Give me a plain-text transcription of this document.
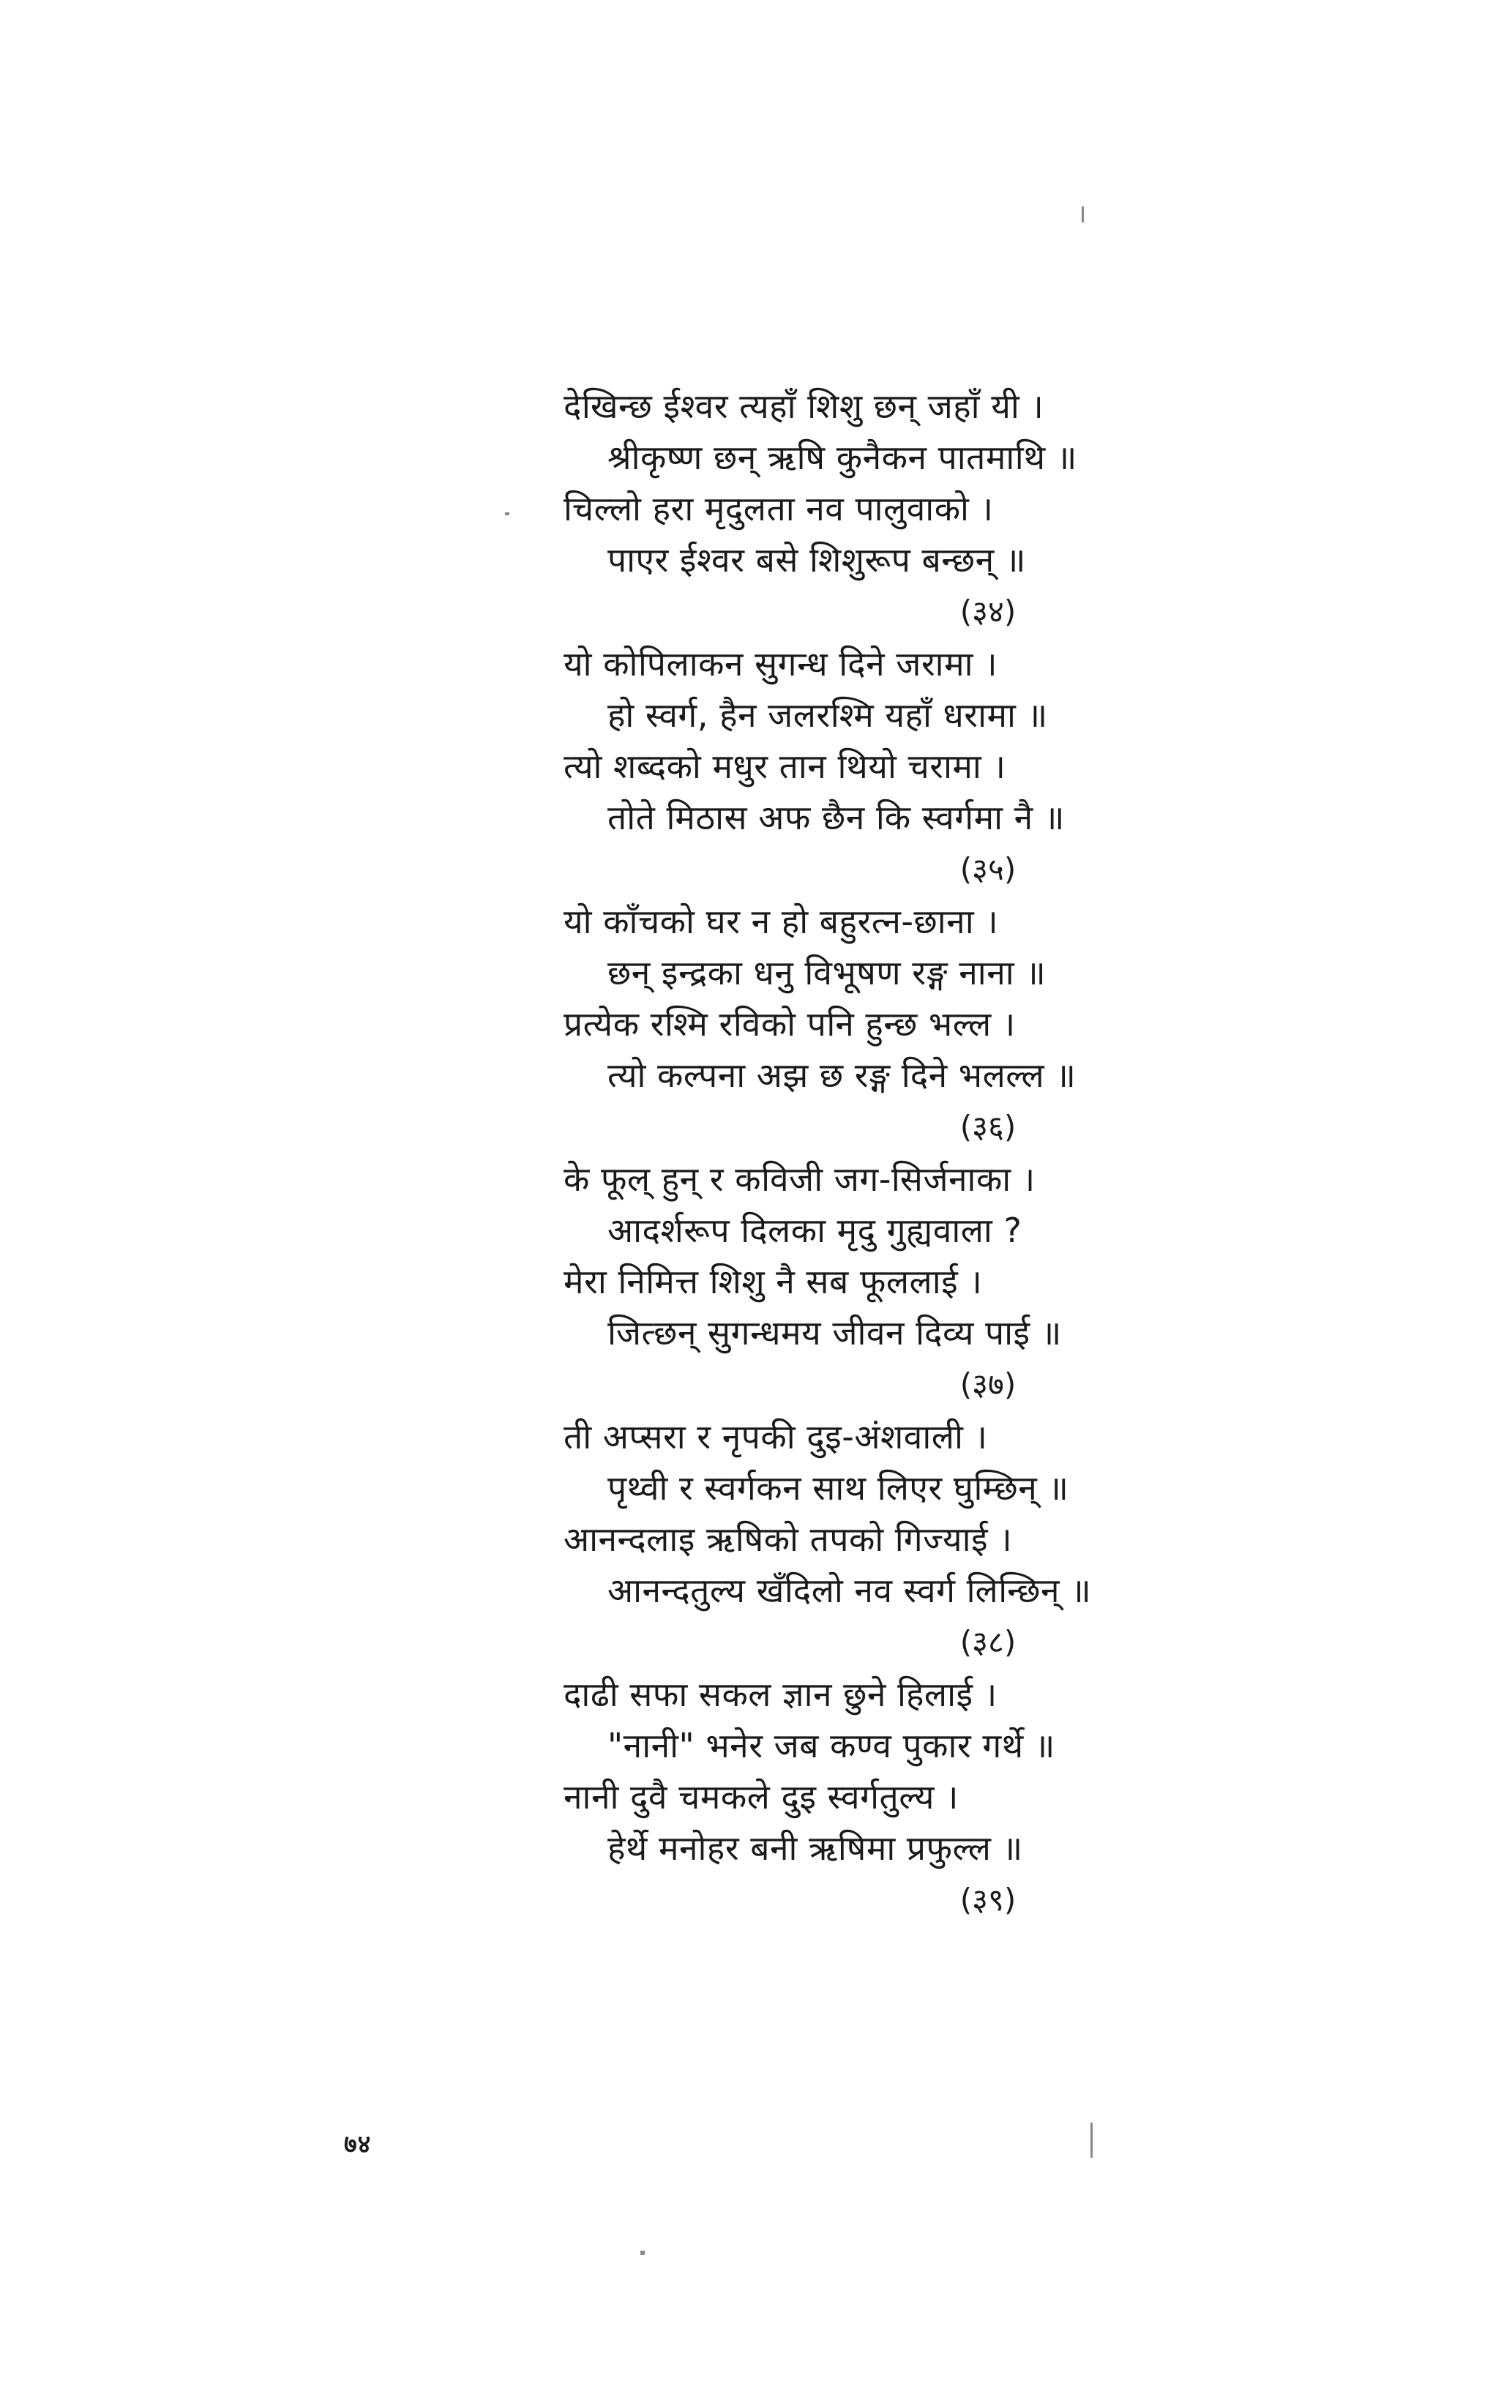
देखिन्छ ईश्वर त्यहाँ शिशु छन् जहाँ यी ।
श्रीकृष्ण छन् ऋषि कुनैकन पातमाथि ॥
चिल्लो हरा मृदुलता नव पालुवाको ।
पाएर ईश्वर बसे शिशुरूप बन्छन् ॥
(३४)
यो कोपिलाकन सुगन्ध दिने जरामा ।
हो स्वर्ग, हैन जलरश्मि यहाँ धरामा ॥
त्यो शब्दको मधुर तान थियो चरामा ।
तोते मिठास अफ छैन कि स्वर्गमा नै ॥
(३५)
यो काँचको घर न हो बहुरत्न-छाना ।
छन् इन्द्रका धनु विभूषण रङ्ग नाना ॥
प्रत्येक रश्मि रविको पनि हुन्छ भल्ल ।
त्यो कल्पना अझ छ रङ्ग दिने भलल्ल ॥
(३६)
के फूल् हुन् र कविजी जग-सिर्जनाका ।
आदर्शरूप दिलका मृदु गुह्यवाला ?
मेरा निमित्त शिशु नै सब फूललाई ।
जित्छन् सुगन्धमय जीवन दिव्य पाई ॥
(३७)
ती अप्सरा र नृपकी दुइ-अंशवाली ।
पृथ्वी र स्वर्गकन साथ लिएर घुम्छिन् ॥
आनन्दलाइ ऋषिको तपको गिज्याई ।
आनन्दतुल्य खँदिलो नव स्वर्ग लिन्छिन् ॥
(३८)
दाढी सफा सकल ज्ञान छुने हिलाई ।
"नानी" भनेर जब कण्व पुकार गर्थे ॥
नानी दुवै चमकले दुइ स्वर्गतुल्य ।
हेर्थे मनोहर बनी ऋषिमा प्रफुल्ल ॥
(३९)
७४
